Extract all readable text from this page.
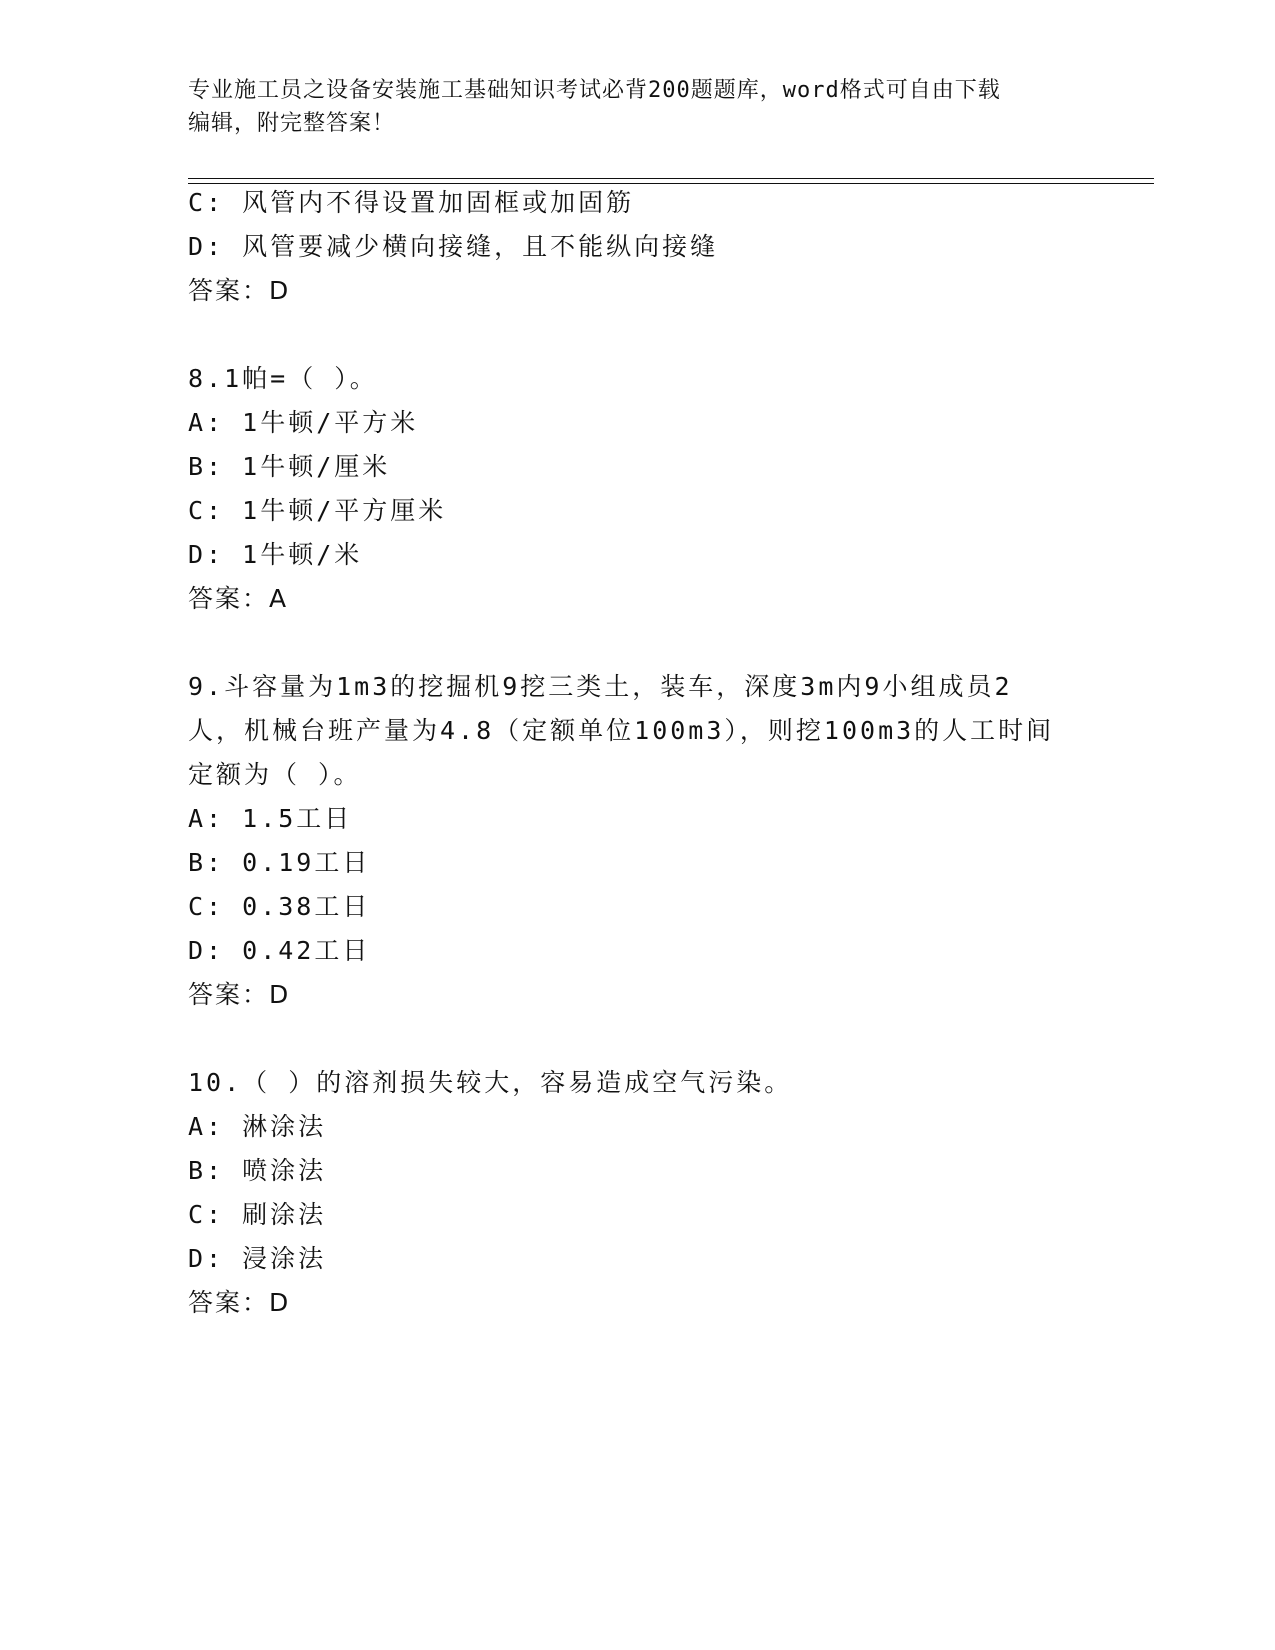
专业施工员之设备安装施工基础知识考试必背200题题库，word格式可自由下载
编辑，附完整答案！
C: 风管内不得设置加固框或加固筋
D: 风管要减少横向接缝，且不能纵向接缝
答案：D
8.1帕=（ ）。
A: 1牛顿/平方米
B: 1牛顿/厘米
C: 1牛顿/平方厘米
D: 1牛顿/米
答案：A
9.斗容量为1m3的挖掘机9挖三类土，装车，深度3m内9小组成员2
人，机械台班产量为4.8（定额单位100m3），则挖100m3的人工时间
定额为（ ）。
A: 1.5工日
B: 0.19工日
C: 0.38工日
D: 0.42工日
答案：D
10.（ ）的溶剂损失较大，容易造成空气污染。
A: 淋涂法
B: 喷涂法
C: 刷涂法
D: 浸涂法
答案：D
